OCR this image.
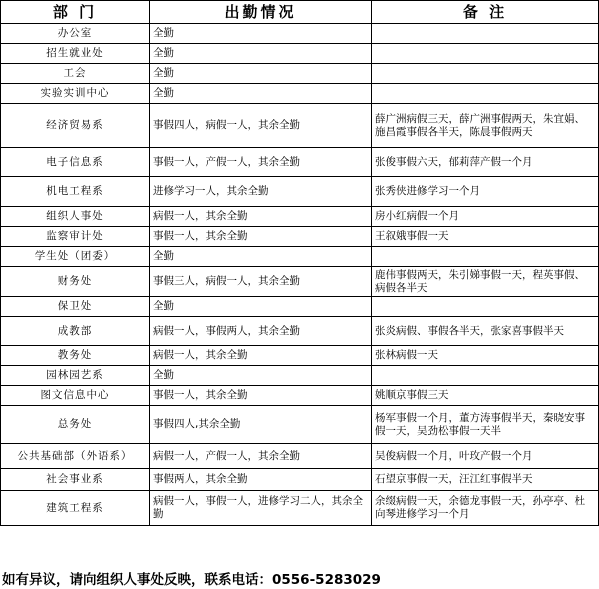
部 门	出勤情况	备 注
办公室	全勤	
招生就业处	全勤	
工会	全勤	
实验实训中心	全勤	
经济贸易系	事假四人，病假一人，其余全勤	薛广洲病假三天，薛广洲事假两天，朱宜娟、施昌霞事假各半天，陈晨事假两天
电子信息系	事假一人，产假一人，其余全勤	张俊事假六天，郁莉萍产假一个月
机电工程系	进修学习一人，其余全勤	张秀侠进修学习一个月
组织人事处	病假一人，其余全勤	房小红病假一个月
监察审计处	事假一人，其余全勤	王叙娥事假一天
学生处（团委）	全勤	
财务处	事假三人，病假一人，其余全勤	鹿伟事假两天，朱引娣事假一天，程英事假、病假各半天
保卫处	全勤	
成教部	病假一人，事假两人，其余全勤	张炎病假、事假各半天，张家喜事假半天
教务处	病假一人，其余全勤	张林病假一天
园林园艺系	全勤	
图文信息中心	事假一人，其余全勤	姚顺京事假三天
总务处	事假四人,其余全勤	杨军事假一个月，董方涛事假半天，秦晓安事假一天，吴劲松事假一天半
公共基础部（外语系）	病假一人，产假一人，其余全勤	吴俊病假一个月，叶玫产假一个月
社会事业系	事假两人，其余全勤	石望京事假一天，汪江红事假半天
建筑工程系	病假一人，事假一人，进修学习二人，其余全勤	余缀病假一天，余德龙事假一天，孙亭亭、杜向琴进修学习一个月
如有异议，请向组织人事处反映，联系电话：0556-5283029
